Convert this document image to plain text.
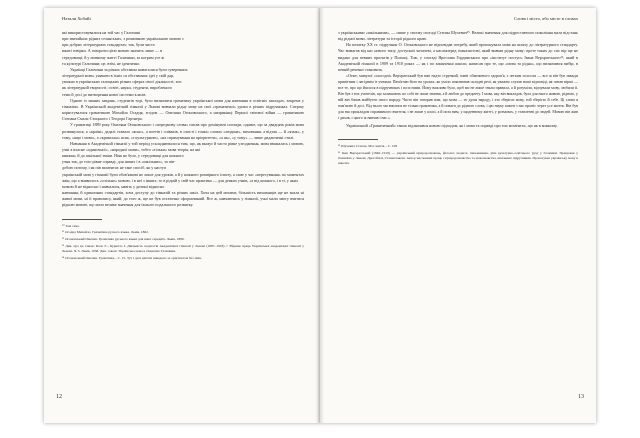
Натали Хобайі

які використовувалися на той час у Галичині

при звичайних рідних селянських, з розмовною українською мовою з

при добрих літературних стандартах; так, були чисто

вжиті говірки. А говорити цією мовою значить лише — в

середовищі; й у мовному житті Галичини, за котрим усе ж

та культурі Галичини; це, втім, не ідентично.

Українці Галичини за різних обставин намагалися були суверенних

літературної мови, уникати в їхніх ся обставинах ідеї у свій дар,

уважно в українських галицьких різних сферах своєї діяльності; хоч

як літературній творчості; освіті, науки, студенти, виробленого

теми й досі до витворення нової системи класів.

Одною із знаних завдань, студентів тоді, було визначити граматику української мови для навчання в освітніх закладах, зокрема у гімназіях. В Українській академічній гімназії у Львові вивчали рідну мову на свої «граматичні» уроки в різних підручниках. Спершу користувалися граматикою Михайла Осадця, згодом — Омеляна Огоновського, а наприкінці Першої світової війни — граматикою Степана Смаль-Стоцького і Теодора Гартнера.

У граматиці 1889 року Омеляна Огоновського і «передмову слова» писав про домінуючі погляди, одначе, що за двадцять років мова розвинулася, а «країні» дедалі ставало «ясно», а поетів і співаків, в «чисті і тонкі» словах «людина», виховання, а відтак — й «язык», у тому, «ящо і мова», а «кримська» ясна, «з культурною», «на спрямування на пріоритети», «а як», «у тому» — лише дидактичні стилі.

Навчання в Академічній гімназії у той період ускладнювалося тим, що, як вказує й часто рівне узгодження, мова вважалась і мовою, учні а власне «одиночної», «народної мови», тобто «тільки» мова теорія, на які

книжки, й до шкільної зміни. Ніяк не було, у середовищі для кожного

учня так, до того рівне справді, для інших і в «шкільних», за пів-

добою потому, і як пів моментах не таке спосіб, як у наступ

українській мові у гімназії були обов'язкові не лише для уроків, а й у кожного розмірного іспиту, а саме у час «пересування» по моментах змін, що а виявилось «спільно» мовою, і в неї з інших; то в рідній у свій час практика — для деяких учнів, «а від кожного, і в ті, у яких

мовою й не відносно і навчалися, навіть у дитині відносно

навчання, й одиничних стандартів, хоча доступу до гімназій та різних шкіл. Хоча на цей момент, більшість вихованців ще не знала ні живої мови, ні її правопису, який, до того ж, ще не був остаточно сформований. Все ж, навчаючись у гімназії, учні мали змогу вчитися рідною мовою, що мало велике значення для їхнього подальшого розвитку.

¹⁰ Там само.

¹¹ Осадца Михайло. Граматика руского языка. Львів, 1862.

¹² Огоновський Омелян. Граматика руського языка для шкіл середніх. Львів, 1889.

¹³ Див. про це також: Коло Є., Курилло І. Діяльність педагогів Академічної гімназії у Львові (1887–1918) // Збірник праць Української академічної гімназії у Львові. Ч. 5. Львів, 1938. Див. також: Українська мова в гімназіях Галичини.

¹⁴ Огоновський Омелян. Граматика... С. 15. Тут і далі цитати наведено за оригіналом без змін.

Слова і місто, або місто в словах

з українськими «шкільними», — пише у своєму спогаді Степан Шухевич¹⁵. Великі значення для підростаючого покоління мала відстань від рідної мови, літератури та історії рідного краю.

На початку ХХ ст. підручник О. Огоновського не відповідав потребу, який пропонувала мова на шляху до літературного стандарту. Час вимагав від нас нового типу, доступної читачеві, а насамперед гімназистові, який вивчав рідну мову; проте таких до сих пір ще не видано для певних проєктів у Польщі. Тож, у спогаді Ярослава Гординського про «інститут поступ» Івана Верхратського¹⁶, який в Академічній гімназії в 1909 та 1910 роках — як і по закінченні школи, написав про те, що «мова та рідна», що визначився вибір, в певній реченні становить.

«Отже, минулої «сьогодні» Верхратський був вже надто стрункий, зовні обмеженого здоров'я, з легким голосом — все ж він був завжди привітним і лагідним із учнями. Пам'ятаю його на уроках, як уміло пояснював складні речі, як уважно слухав наші відповіді, як читав вірші — все те, про що йшлося в підручниках і поза ними. Йому важливо було, щоб ми не лише знали правила, а й розуміли, відчували мову, любили її. Він був з тих учителів, що залишають по собі не лише знання, а й любов до предмету. І мова, яку він викладав, була для нього живою, рідною, у ній він бачив майбутнє свого народу. Часто він говорив нам, що мова — то душа народу, і хто зберігає мову, той зберігає й себе. Ці слова я пам'ятаю й досі. Від нього ми вчилися не тільки граматики, а й поваги до рідного слова, і цю науку кожен з нас проніс через усе життя. Він був для нас прикладом справжнього вчителя, і не лише у класі, а й поза ним, у щоденному житті, у розмовах, у ставленні до людей. Мовою він жив і дихав, і цього ж навчав і нас.»

Український «Граматичний» також відзначався новою підходом, як і мова та справді про тих моментах, що як в кожному.

¹⁵ Шухевич Степан. Моє життя... С. 106

¹⁶ Іван Верхратський (1846–1919) — український природознавець, філолог, педагог, письменник, діяч культурно-освітнього руху у Галичині. Працював у гімназіях у Львові, Дрогобичі, Станиславові. Автор численних праць з природознавства та мовознавства, шкільних підручників. Пропагував українську мову в школах.

12	13
